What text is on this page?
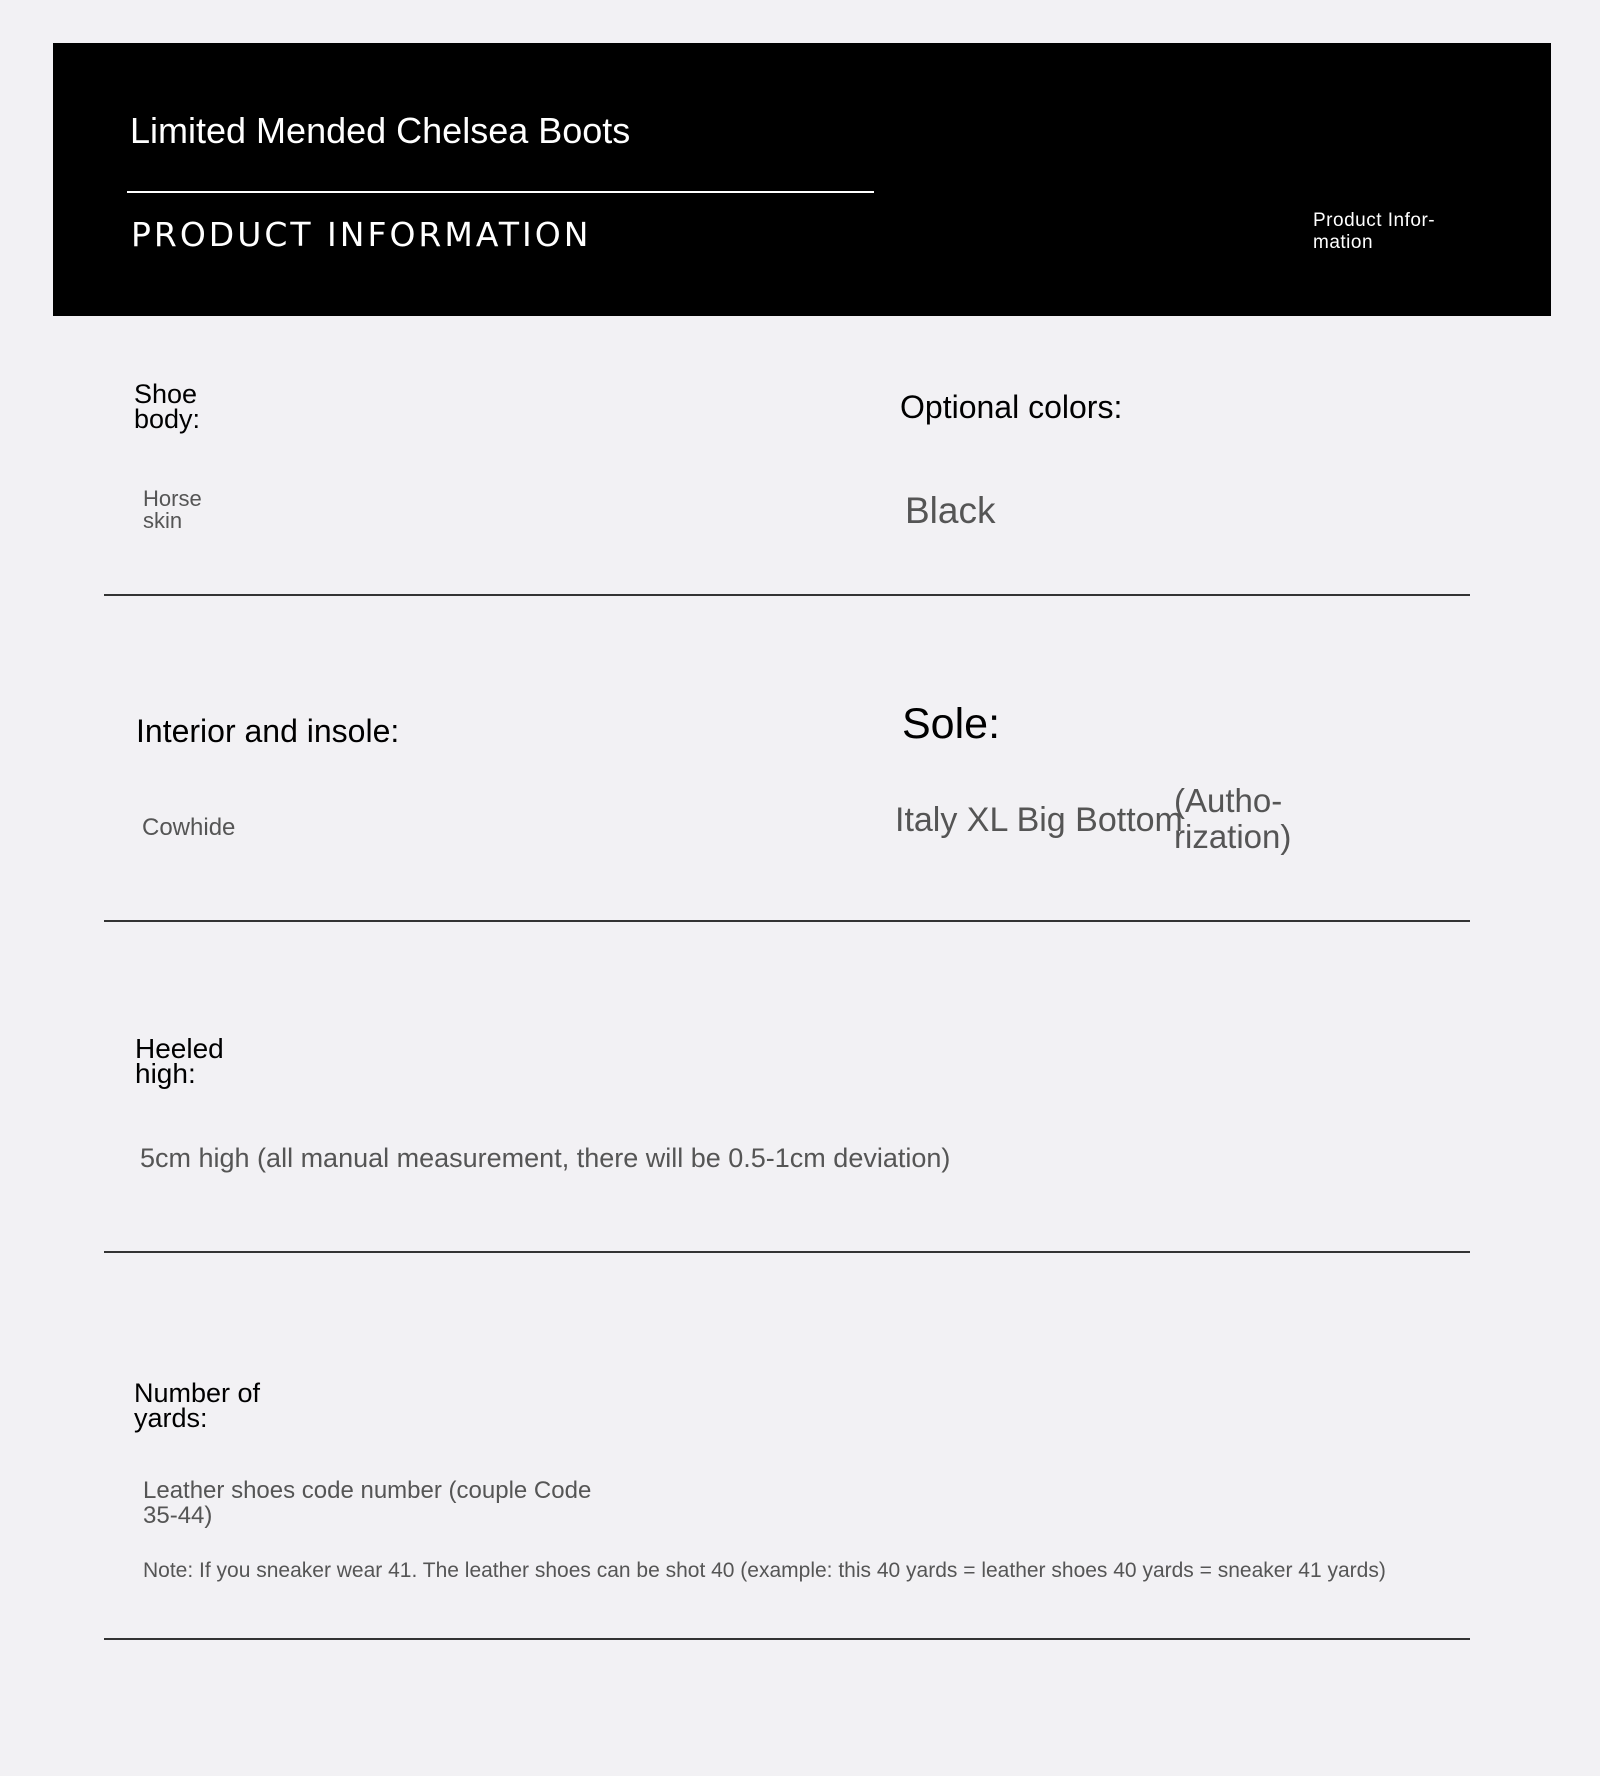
Limited Mended Chelsea Boots
PRODUCT INFORMATION	Product Infor-
mation
Shoe
body:
Horse
skin
Optional colors:
Black
Interior and insole:
Cowhide
Sole:
Italy XL Big Bottom
(Autho-
rization)
Heeled
high:
5cm high (all manual measurement, there will be 0.5-1cm deviation)
Number of
yards:
Leather shoes code number (couple Code
35-44)
Note: If you sneaker wear 41. The leather shoes can be shot 40 (example: this 40 yards = leather shoes 40 yards = sneaker 41 yards)
